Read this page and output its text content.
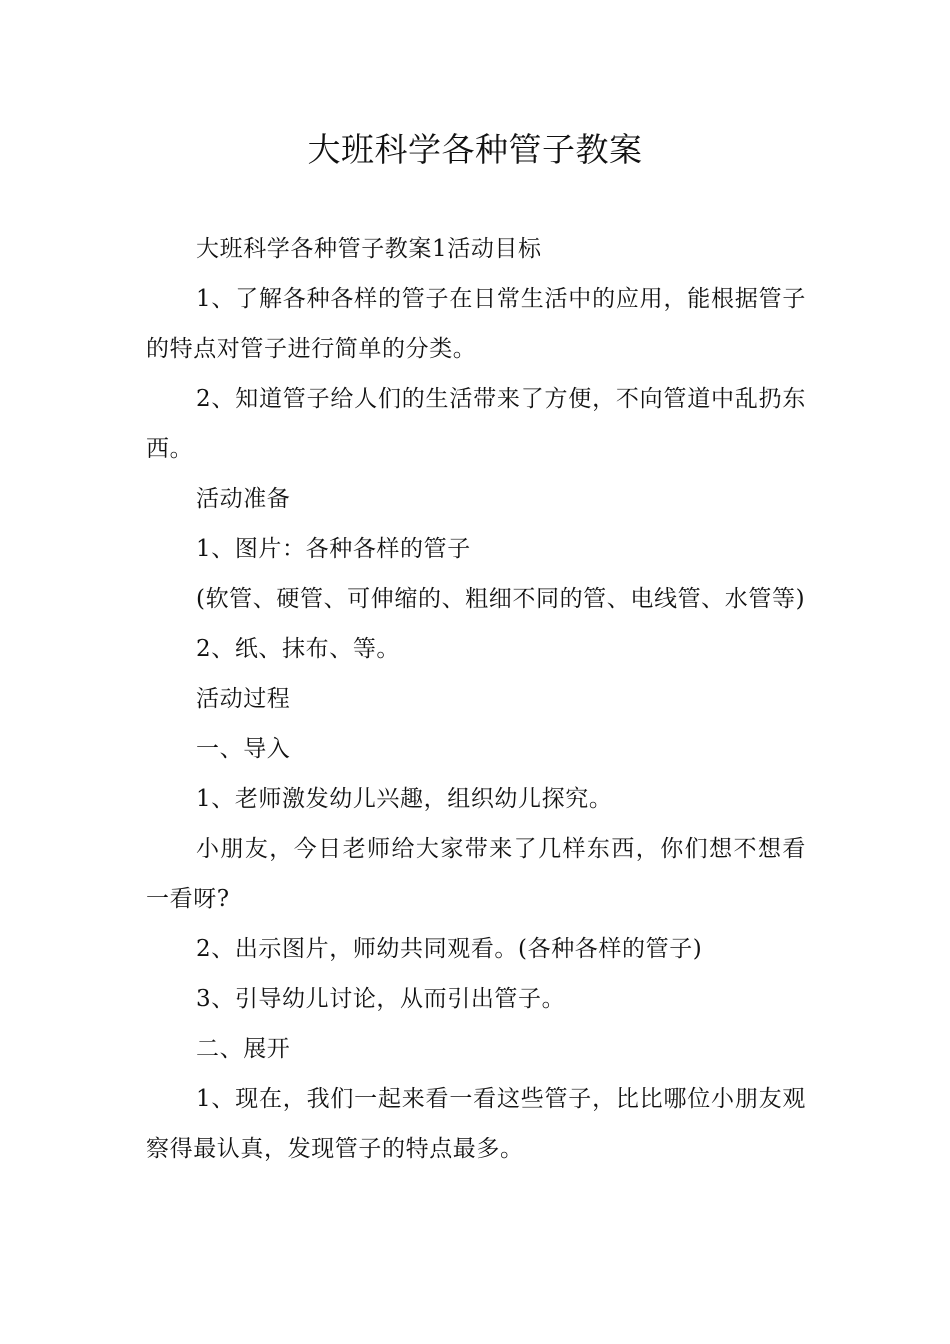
大班科学各种管子教案

大班科学各种管子教案1活动目标

1、了解各种各样的管子在日常生活中的应用，能根据管子的特点对管子进行简单的分类。

2、知道管子给人们的生活带来了方便，不向管道中乱扔东西。

活动准备

1、图片：各种各样的管子

(软管、硬管、可伸缩的、粗细不同的管、电线管、水管等)

2、纸、抹布、等。

活动过程

一、导入

1、老师激发幼儿兴趣，组织幼儿探究。

小朋友，今日老师给大家带来了几样东西，你们想不想看一看呀?

2、出示图片，师幼共同观看。(各种各样的管子)

3、引导幼儿讨论，从而引出管子。

二、展开

1、现在，我们一起来看一看这些管子，比比哪位小朋友观察得最认真，发现管子的特点最多。
